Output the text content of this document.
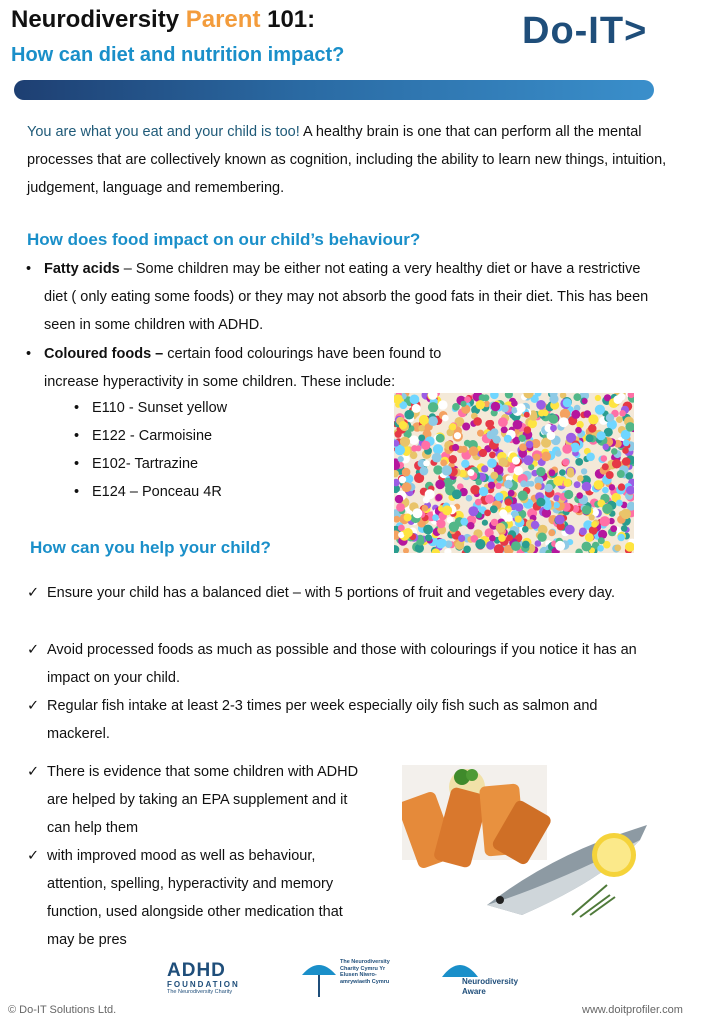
Neurodiversity Parent 101:
How can diet and nutrition impact?
Do-IT>
You are what you eat and your child is too! A healthy brain is one that can perform all the mental processes that are collectively known as cognition, including the ability to learn new things, intuition, judgement, language and remembering.
How does food impact on our child’s behaviour?
• Fatty acids – Some children may be either not eating a very healthy diet or have a restrictive diet ( only eating some foods) or they may not absorb the good fats in their diet. This has been seen in some children with ADHD.
• Coloured foods – certain food colourings have been found to increase hyperactivity in some children. These include:
• E110 - Sunset yellow
• E122 - Carmoisine
• E102- Tartrazine
• E124 – Ponceau 4R
How can you help your child?
✓ Ensure your child has a balanced diet – with 5 portions of fruit and vegetables every day.
✓ Avoid processed foods as much as possible and those with colourings if you notice it has an impact on your child.
✓ Regular fish intake at least 2-3 times per week especially oily fish such as salmon and mackerel.
✓ There is evidence that some children with ADHD are helped by taking an EPA supplement and it can help them
✓ with improved mood as well as behaviour, attention, spelling, hyperactivity and memory function, used alongside other medication that may be pres
ADHD
FOUNDATION
The Neurodiversity Charity
The Neurodiversity Charity Cymru Yr Elusen Niwro-amrywiaeth Cymru	Neurodiversity Aware
© Do-IT Solutions Ltd.	www.doitprofiler.com
